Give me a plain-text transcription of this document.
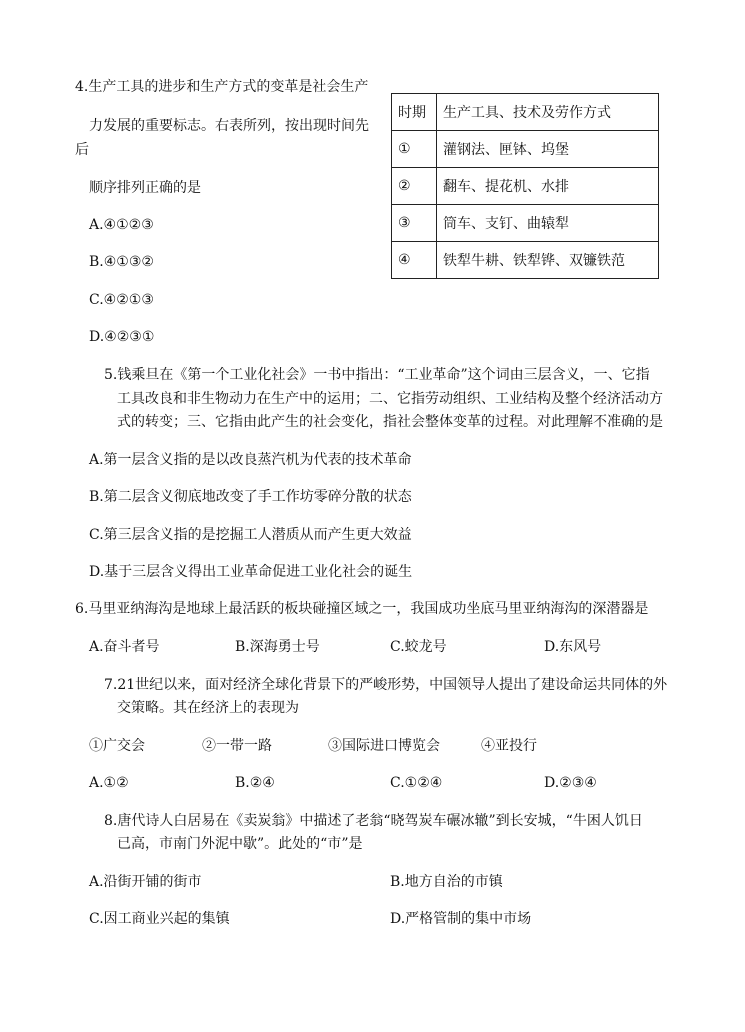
4.生产工具的进步和生产方式的变革是社会生产
力发展的重要标志。右表所列，按出现时间先
后
顺序排列正确的是
A.④①②③
B.④①③②
C.④②①③
D.④②③①
时期	生产工具、技术及劳作方式
①	灌钢法、匣钵、坞堡
②	翻车、提花机、水排
③	筒车、支钉、曲辕犁
④	铁犁牛耕、铁犁铧、双镰铁范
5.钱乘旦在《第一个工业化社会》一书中指出：“工业革命”这个词由三层含义，一、它指
工具改良和非生物动力在生产中的运用；二、它指劳动组织、工业结构及整个经济活动方
式的转变；三、它指由此产生的社会变化，指社会整体变革的过程。对此理解不准确的是
A.第一层含义指的是以改良蒸汽机为代表的技术革命
B.第二层含义彻底地改变了手工作坊零碎分散的状态
C.第三层含义指的是挖掘工人潜质从而产生更大效益
D.基于三层含义得出工业革命促进工业化社会的诞生
6.马里亚纳海沟是地球上最活跃的板块碰撞区域之一，我国成功坐底马里亚纳海沟的深潜器是
A.奋斗者号	B.深海勇士号	C.蛟龙号	D.东风号
7.21世纪以来，面对经济全球化背景下的严峻形势，中国领导人提出了建设命运共同体的外
交策略。其在经济上的表现为
①广交会	②一带一路	③国际进口博览会	④亚投行
A.①②	B.②④	C.①②④	D.②③④
8.唐代诗人白居易在《卖炭翁》中描述了老翁“晓驾炭车碾冰辙”到长安城，“牛困人饥日
已高，市南门外泥中歇”。此处的“市”是
A.沿街开铺的街市	B.地方自治的市镇
C.因工商业兴起的集镇	D.严格管制的集中市场
